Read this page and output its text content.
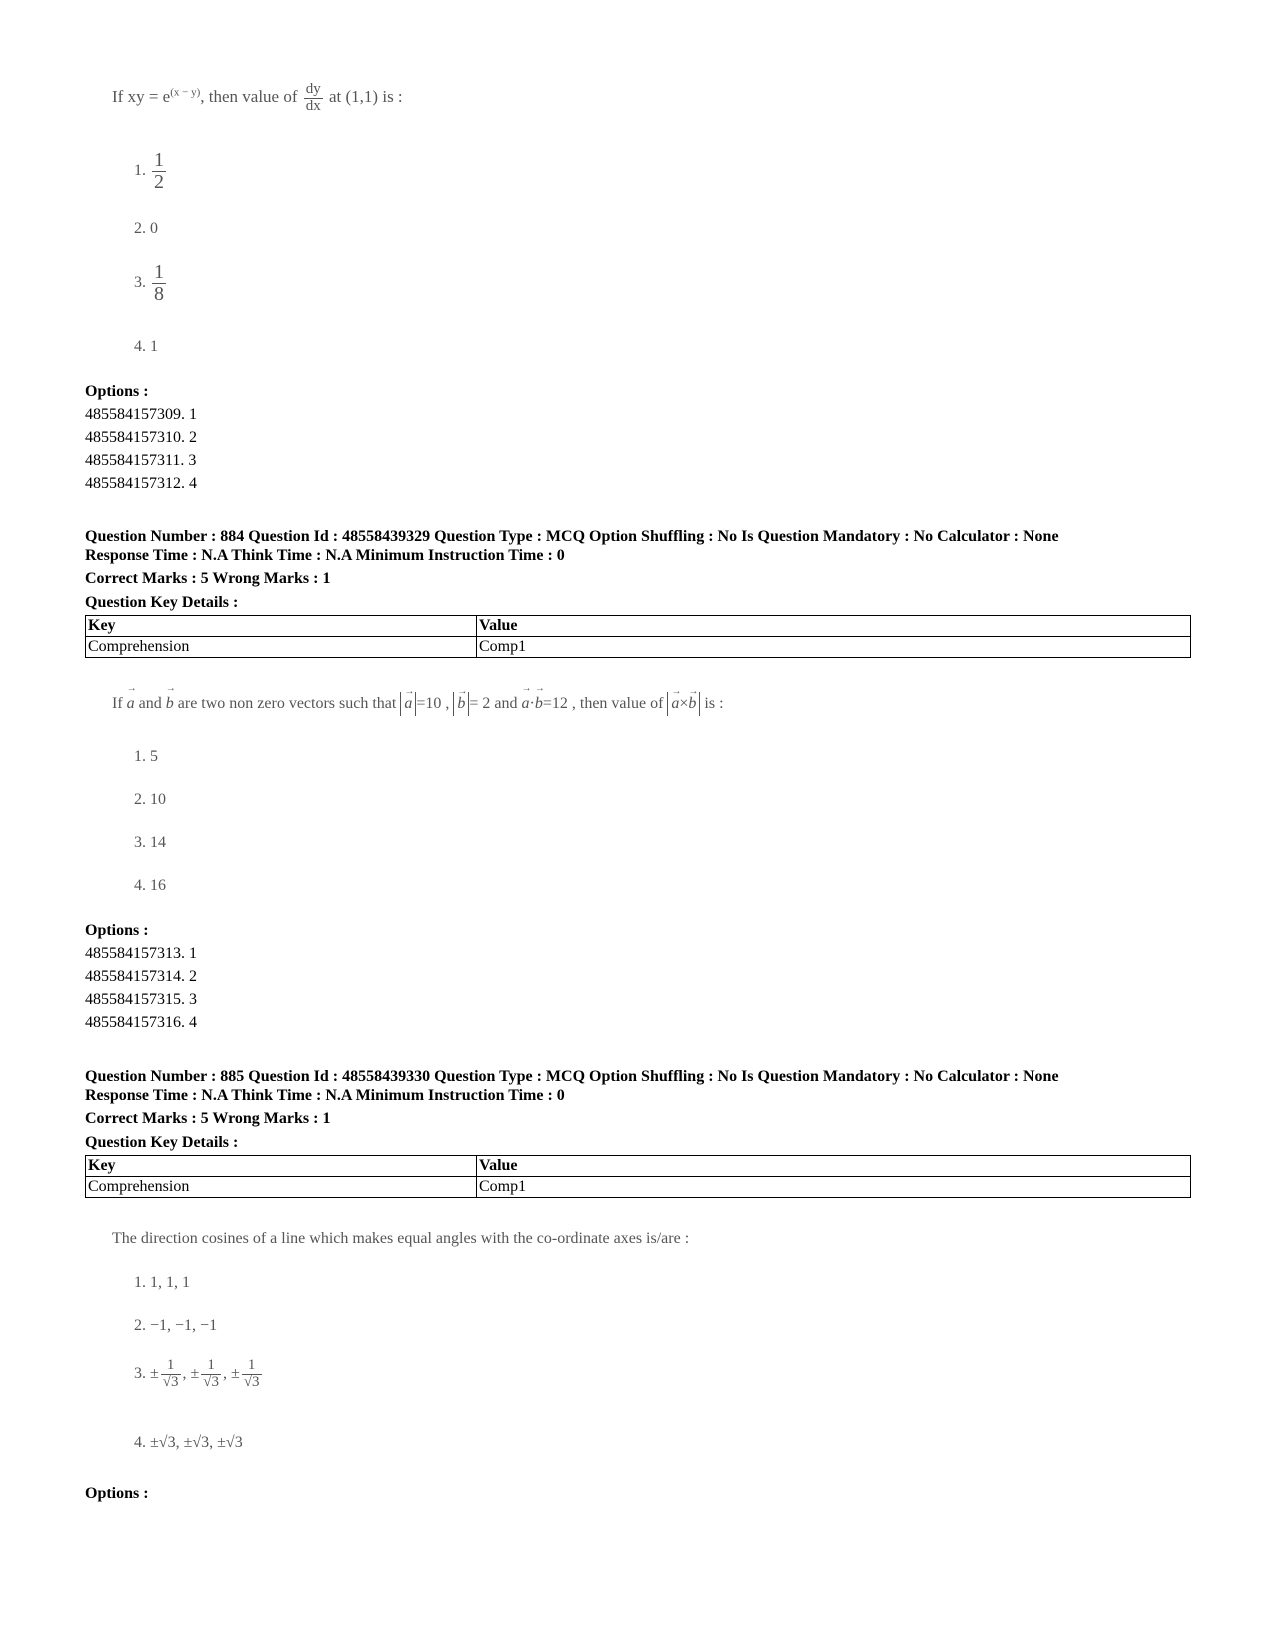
If xy = $e^{(x - y)}$, then value of $\frac{dy}{dx}$ at (1,1) is :
1. $\frac{1}{2}$
2. 0
3. $\frac{1}{8}$
4. 1
Options :
485584157309. 1
485584157310. 2
485584157311. 3
485584157312. 4
Question Number : 884 Question Id : 48558439329 Question Type : MCQ Option Shuffling : No Is Question Mandatory : No Calculator : None
Response Time : N.A Think Time : N.A Minimum Instruction Time : 0
Correct Marks : 5 Wrong Marks : 1
Question Key Details :
Key	Value
Comprehension	Comp1
If → a and → b are two non zero vectors such that → a =10 , → b = 2 and → a·→ b=12 , then value of → a×→ b is :
1. 5
2. 10
3. 14
4. 16
Options :
485584157313. 1
485584157314. 2
485584157315. 3
485584157316. 4
Question Number : 885 Question Id : 48558439330 Question Type : MCQ Option Shuffling : No Is Question Mandatory : No Calculator : None
Response Time : N.A Think Time : N.A Minimum Instruction Time : 0
Correct Marks : 5 Wrong Marks : 1
Question Key Details :
Key	Value
Comprehension	Comp1
The direction cosines of a line which makes equal angles with the co-ordinate axes is/are :
1. 1, 1, 1
2. −1, −1, −1
3. ± $\frac{1}{√3}$ , ± $\frac{1}{√3}$ , ± $\frac{1}{√3}$
4. ±√3, ±√3, ±√3
Options :
